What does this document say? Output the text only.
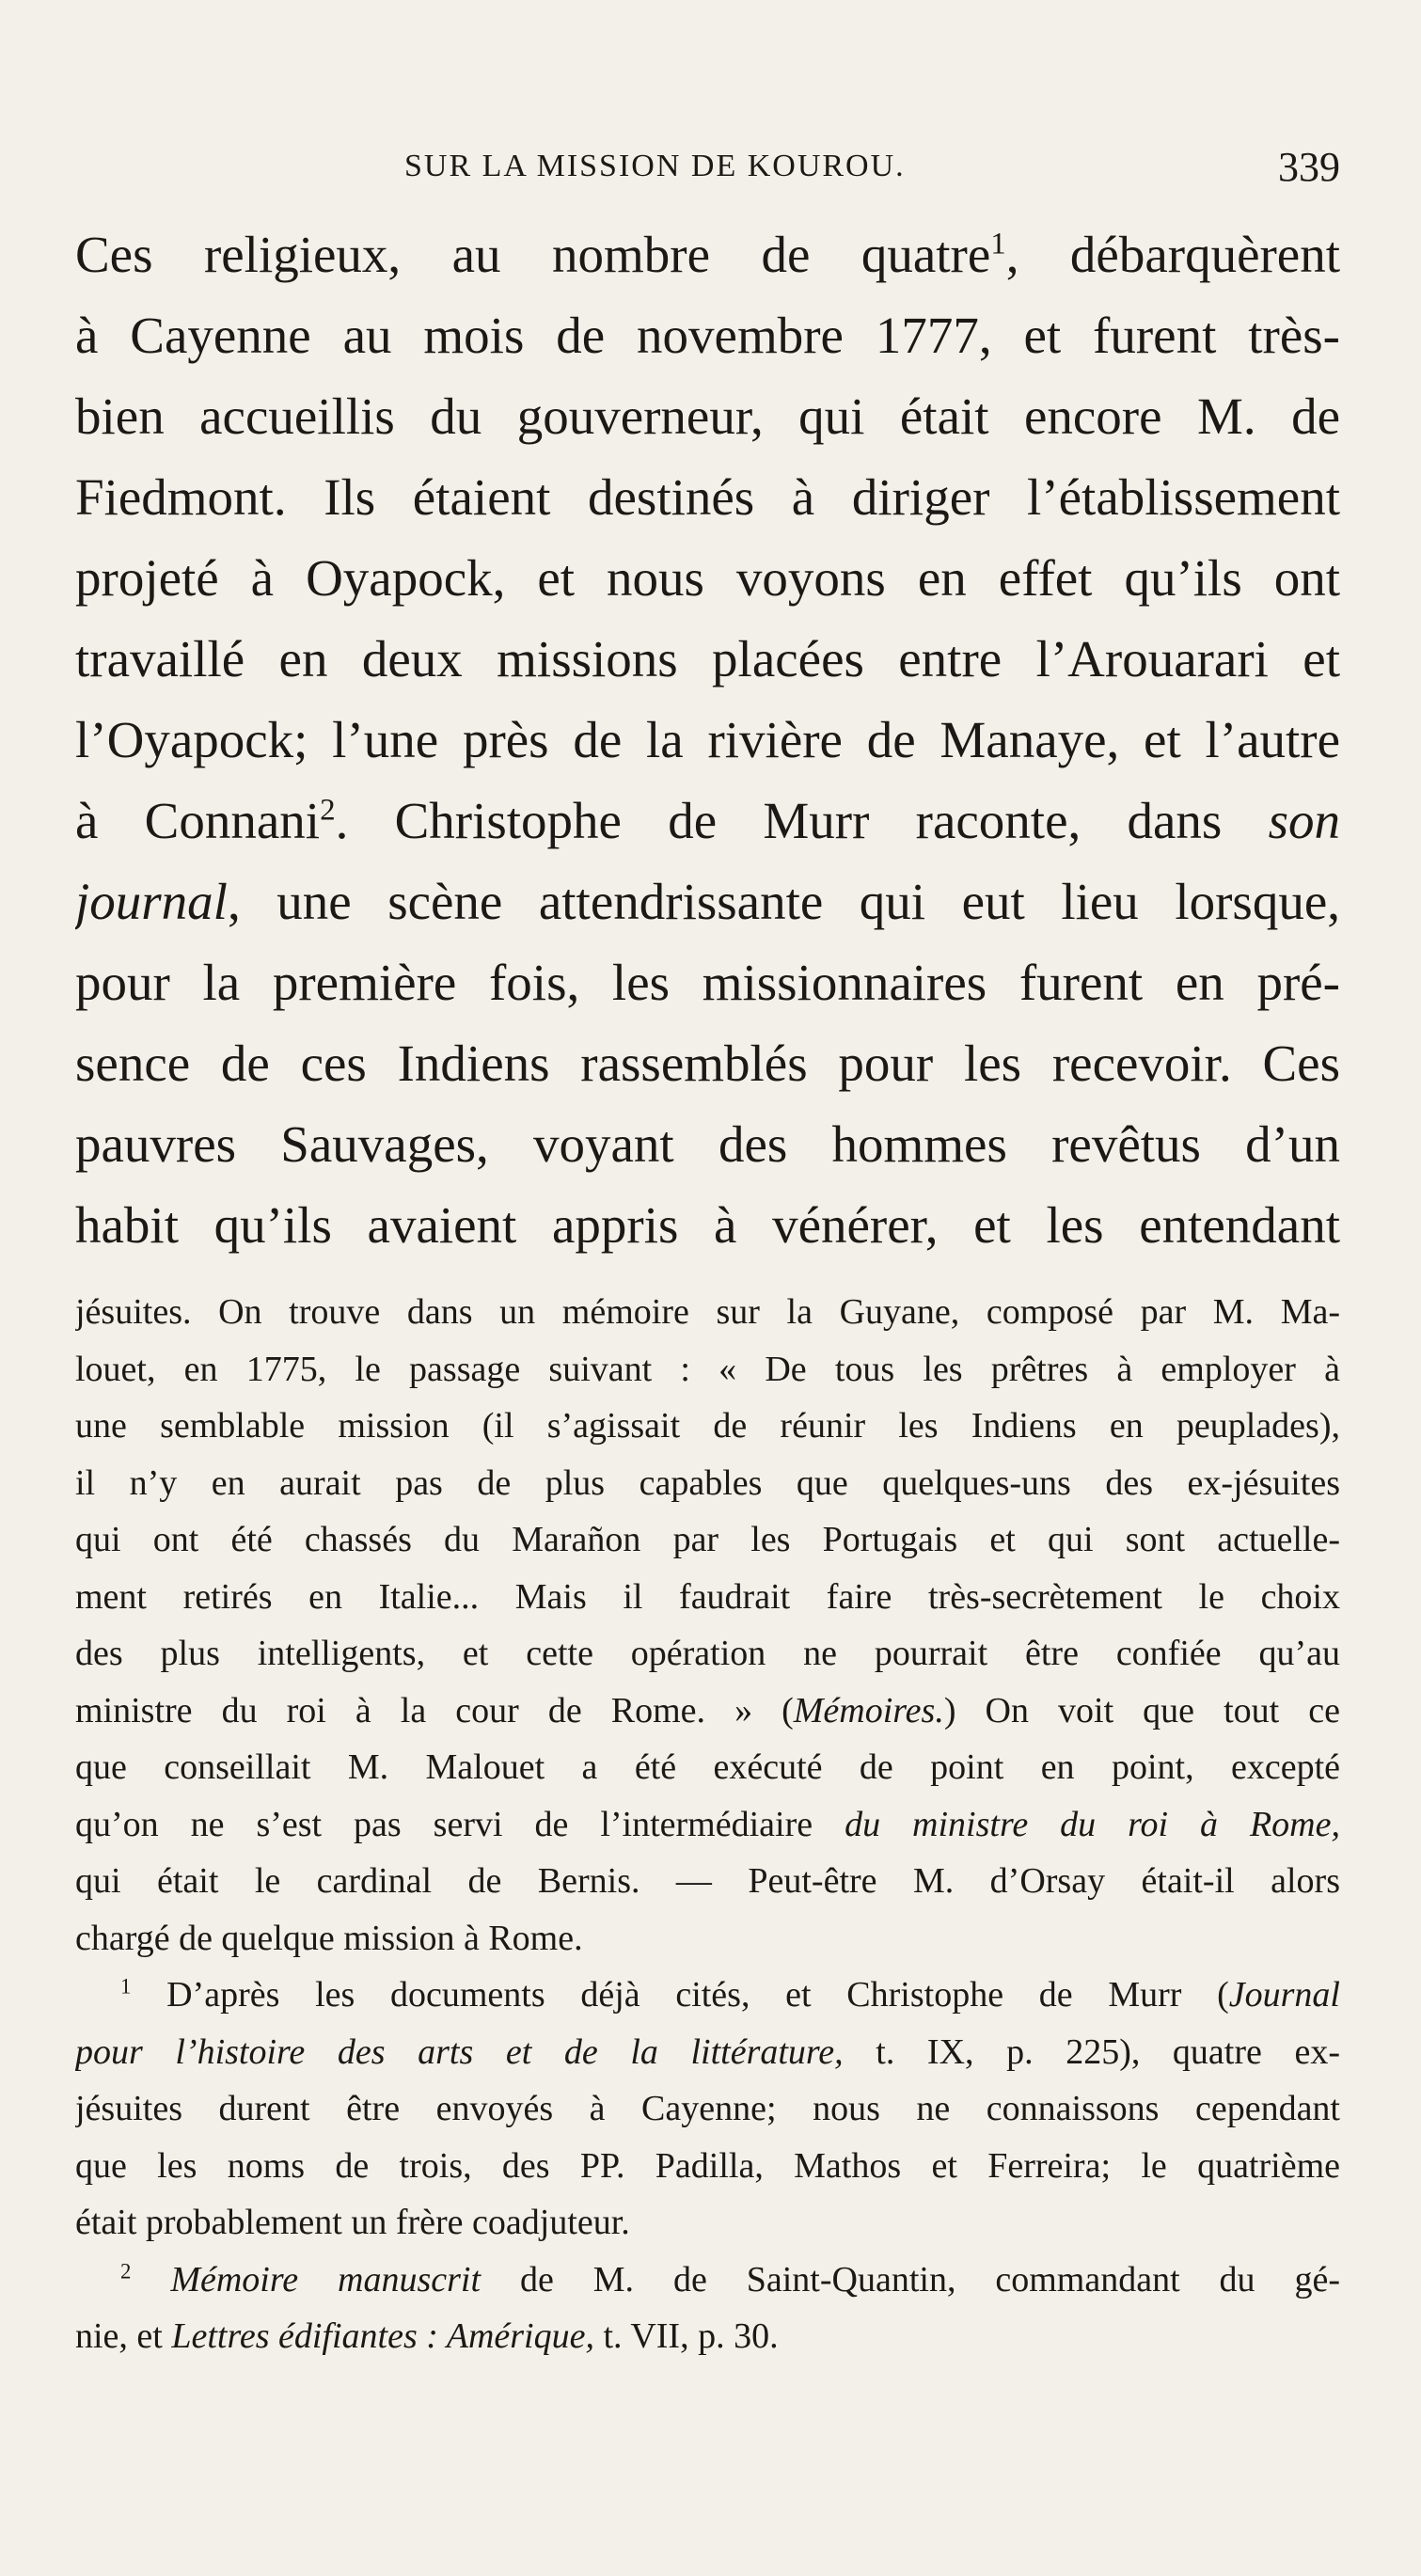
SUR LA MISSION DE KOUROU.	339
Ces religieux, au nombre de quatre$^1$, débarquèrent
à Cayenne au mois de novembre 1777, et furent très-
bien accueillis du gouverneur, qui était encore M. de
Fiedmont. Ils étaient destinés à diriger l’établissement
projeté à Oyapock, et nous voyons en effet qu’ils ont
travaillé en deux missions placées entre l’Arouarari et
l’Oyapock; l’une près de la rivière de Manaye, et l’autre
à Connani$^2$. Christophe de Murr raconte, dans son
journal, une scène attendrissante qui eut lieu lorsque,
pour la première fois, les missionnaires furent en pré-
sence de ces Indiens rassemblés pour les recevoir. Ces
pauvres Sauvages, voyant des hommes revêtus d’un
habit qu’ils avaient appris à vénérer, et les entendant
jésuites. On trouve dans un mémoire sur la Guyane, composé par M. Ma-
louet, en 1775, le passage suivant : « De tous les prêtres à employer à
une semblable mission (il s’agissait de réunir les Indiens en peuplades),
il n’y en aurait pas de plus capables que quelques-uns des ex-jésuites
qui ont été chassés du Marañon par les Portugais et qui sont actuelle-
ment retirés en Italie... Mais il faudrait faire très-secrètement le choix
des plus intelligents, et cette opération ne pourrait être confiée qu’au
ministre du roi à la cour de Rome. » (Mémoires.) On voit que tout ce
que conseillait M. Malouet a été exécuté de point en point, excepté
qu’on ne s’est pas servi de l’intermédiaire du ministre du roi à Rome,
qui était le cardinal de Bernis. — Peut-être M. d’Orsay était-il alors
chargé de quelque mission à Rome.
$^1$ D’après les documents déjà cités, et Christophe de Murr (Journal
pour l’histoire des arts et de la littérature, t. IX, p. 225), quatre ex-
jésuites durent être envoyés à Cayenne; nous ne connaissons cependant
que les noms de trois, des PP. Padilla, Mathos et Ferreira; le quatrième
était probablement un frère coadjuteur.
$^2$ Mémoire manuscrit de M. de Saint-Quantin, commandant du gé-
nie, et Lettres édifiantes : Amérique, t. VII, p. 30.
